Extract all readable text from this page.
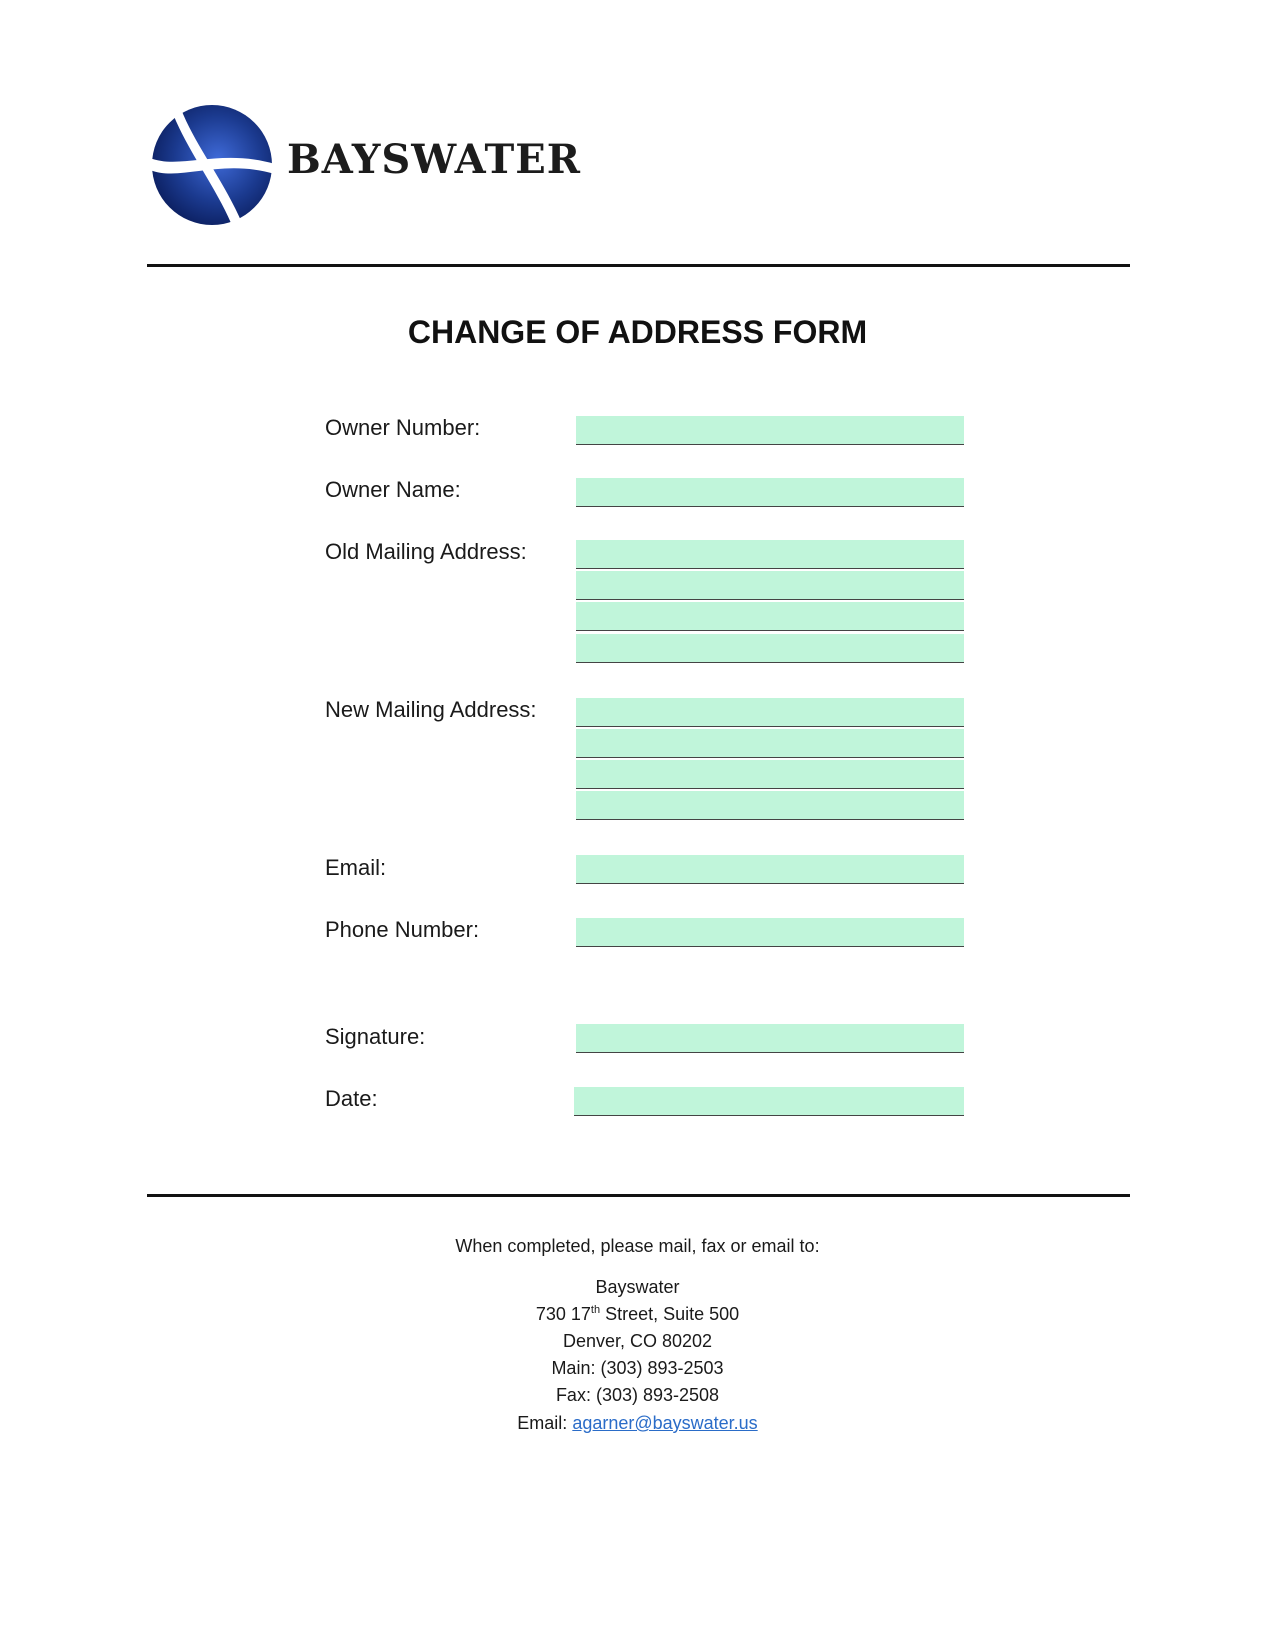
BAYSWATER
CHANGE OF ADDRESS FORM
Owner Number:
Owner Name:
Old Mailing Address:
New Mailing Address:
Email:
Phone Number:
Signature:
Date:
When completed, please mail, fax or email to:
Bayswater
730 17th Street, Suite 500
Denver, CO 80202
Main: (303) 893-2503
Fax: (303) 893-2508
Email: agarner@bayswater.us
